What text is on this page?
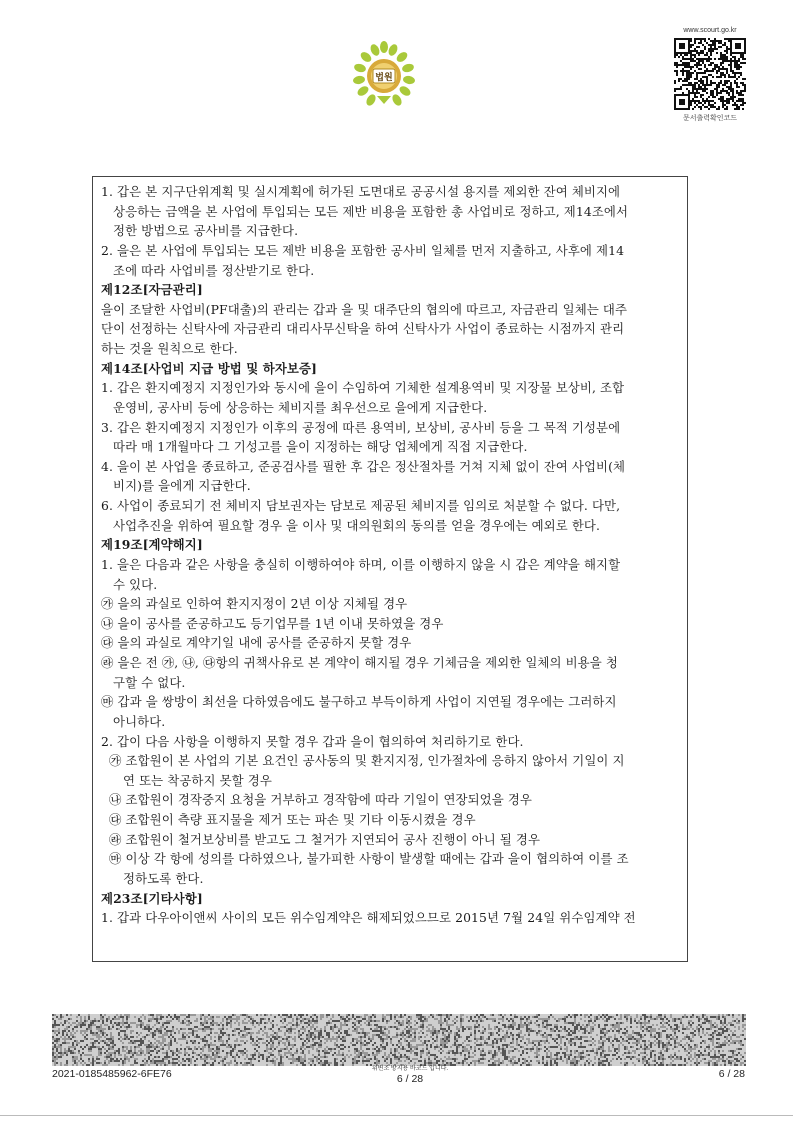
법원
www.scourt.go.kr
문서출력확인코드
1. 갑은 본 지구단위계획 및 실시계획에 허가된 도면대로 공공시설 용지를 제외한 잔여 체비지에
상응하는 금액을 본 사업에 투입되는 모든 제반 비용을 포함한 총 사업비로 정하고, 제14조에서
정한 방법으로 공사비를 지급한다.
2. 을은 본 사업에 투입되는 모든 제반 비용을 포함한 공사비 일체를 먼저 지출하고, 사후에 제14
조에 따라 사업비를 정산받기로 한다.
제12조[자금관리]
을이 조달한 사업비(PF대출)의 관리는 갑과 을 및 대주단의 협의에 따르고, 자금관리 일체는 대주
단이 선정하는 신탁사에 자금관리 대리사무신탁을 하여 신탁사가 사업이 종료하는 시점까지 관리
하는 것을 원칙으로 한다.
제14조[사업비 지급 방법 및 하자보증]
1. 갑은 환지예정지 지정인가와 동시에 을이 수임하여 기체한 설계용역비 및 지장물 보상비, 조합
운영비, 공사비 등에 상응하는 체비지를 최우선으로 을에게 지급한다.
3. 갑은 환지예정지 지정인가 이후의 공정에 따른 용역비, 보상비, 공사비 등을 그 목적 기성분에
따라 매 1개월마다 그 기성고를 을이 지정하는 해당 업체에게 직접 지급한다.
4. 을이 본 사업을 종료하고, 준공검사를 필한 후 갑은 정산절차를 거쳐 지체 없이 잔여 사업비(체
비지)를 을에게 지급한다.
6. 사업이 종료되기 전 체비지 담보권자는 담보로 제공된 체비지를 임의로 처분할 수 없다. 다만,
사업추진을 위하여 필요할 경우 을 이사 및 대의원회의 동의를 얻을 경우에는 예외로 한다.
제19조[계약해지]
1. 을은 다음과 같은 사항을 충실히 이행하여야 하며, 이를 이행하지 않을 시 갑은 계약을 해지할
수 있다.
㉮ 을의 과실로 인하여 환지지정이 2년 이상 지체될 경우
㉯ 을이 공사를 준공하고도 등기업무를 1년 이내 못하였을 경우
㉰ 을의 과실로 계약기일 내에 공사를 준공하지 못할 경우
㉱ 을은 전 ㉮, ㉯, ㉰항의 귀책사유로 본 계약이 해지될 경우 기체금을 제외한 일체의 비용을 청
구할 수 없다.
㉲ 갑과 을 쌍방이 최선을 다하였음에도 불구하고 부득이하게 사업이 지연될 경우에는 그러하지
아니하다.
2. 갑이 다음 사항을 이행하지 못할 경우 갑과 을이 협의하여 처리하기로 한다.
㉮ 조합원이 본 사업의 기본 요건인 공사동의 및 환지지정, 인가절차에 응하지 않아서 기일이 지
연 또는 착공하지 못할 경우
㉯ 조합원이 경작중지 요청을 거부하고 경작함에 따라 기일이 연장되었을 경우
㉰ 조합원이 측량 표지물을 제거 또는 파손 및 기타 이동시켰을 경우
㉱ 조합원이 철거보상비를 받고도 그 철거가 지연되어 공사 진행이 아니 될 경우
㉲ 이상 각 항에 성의를 다하였으나, 불가피한 사항이 발생할 때에는 갑과 을이 협의하여 이를 조
정하도록 한다.
제23조[기타사항]
1. 갑과 다우아이앤씨 사이의 모든 위수임계약은 해제되었으므로 2015년 7월 24일 위수임계약 전
2021-0185485962-6FE76	위변조 방지용 바코드 입니다.
6 / 28	6 / 28
